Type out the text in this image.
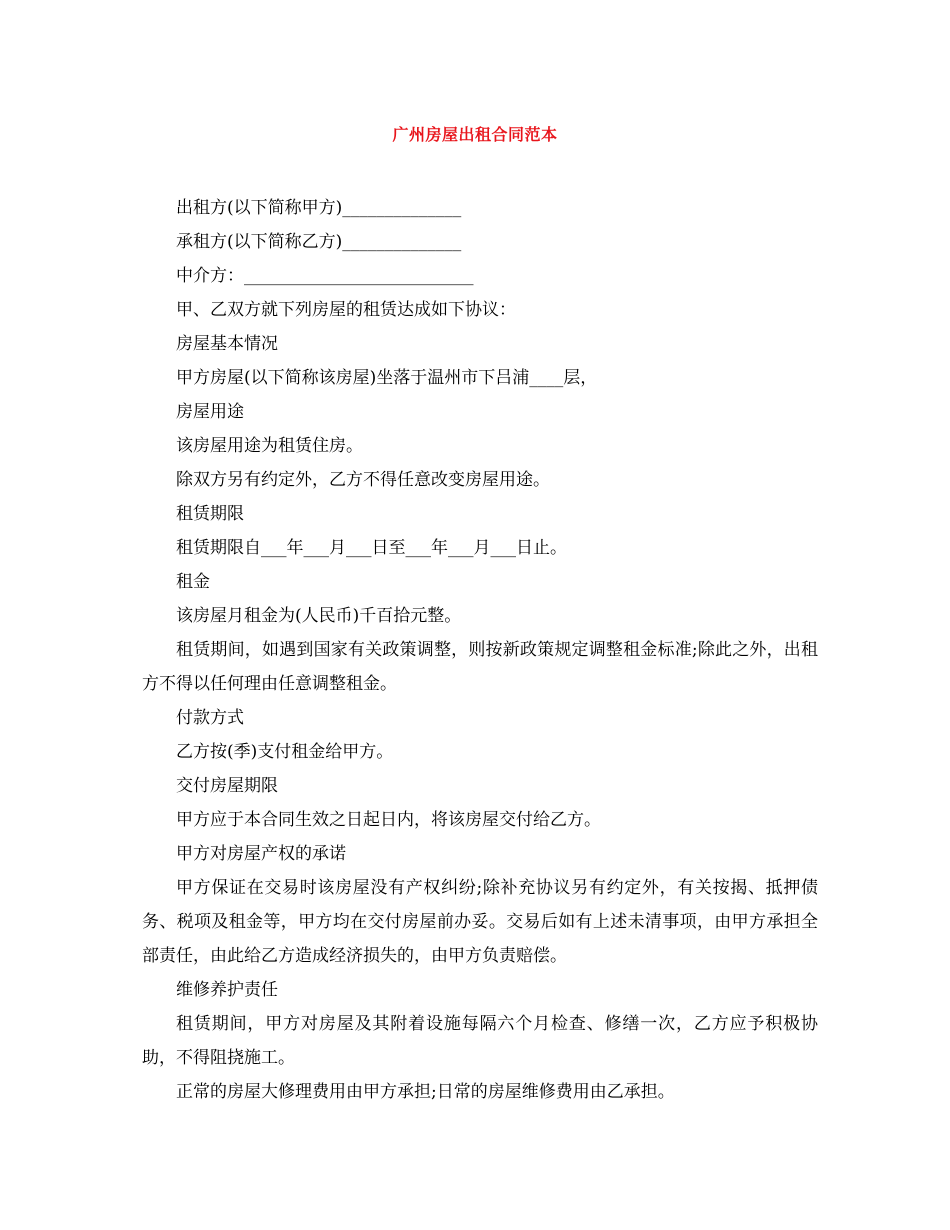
广州房屋出租合同范本

出租方(以下简称甲方)______________

承租方(以下简称乙方)______________

中介方：___________________________

甲、乙双方就下列房屋的租赁达成如下协议：

房屋基本情况

甲方房屋(以下简称该房屋)坐落于温州市下吕浦____层，

房屋用途

该房屋用途为租赁住房。

除双方另有约定外，乙方不得任意改变房屋用途。

租赁期限

租赁期限自___年___月___日至___年___月___日止。

租金

该房屋月租金为(人民币)千百拾元整。

租赁期间，如遇到国家有关政策调整，则按新政策规定调整租金标准;除此之外，出租方不得以任何理由任意调整租金。

付款方式

乙方按(季)支付租金给甲方。

交付房屋期限

甲方应于本合同生效之日起日内，将该房屋交付给乙方。

甲方对房屋产权的承诺

甲方保证在交易时该房屋没有产权纠纷;除补充协议另有约定外，有关按揭、抵押债务、税项及租金等，甲方均在交付房屋前办妥。交易后如有上述未清事项，由甲方承担全部责任，由此给乙方造成经济损失的，由甲方负责赔偿。

维修养护责任

租赁期间，甲方对房屋及其附着设施每隔六个月检查、修缮一次，乙方应予积极协助，不得阻挠施工。

正常的房屋大修理费用由甲方承担;日常的房屋维修费用由乙承担。
